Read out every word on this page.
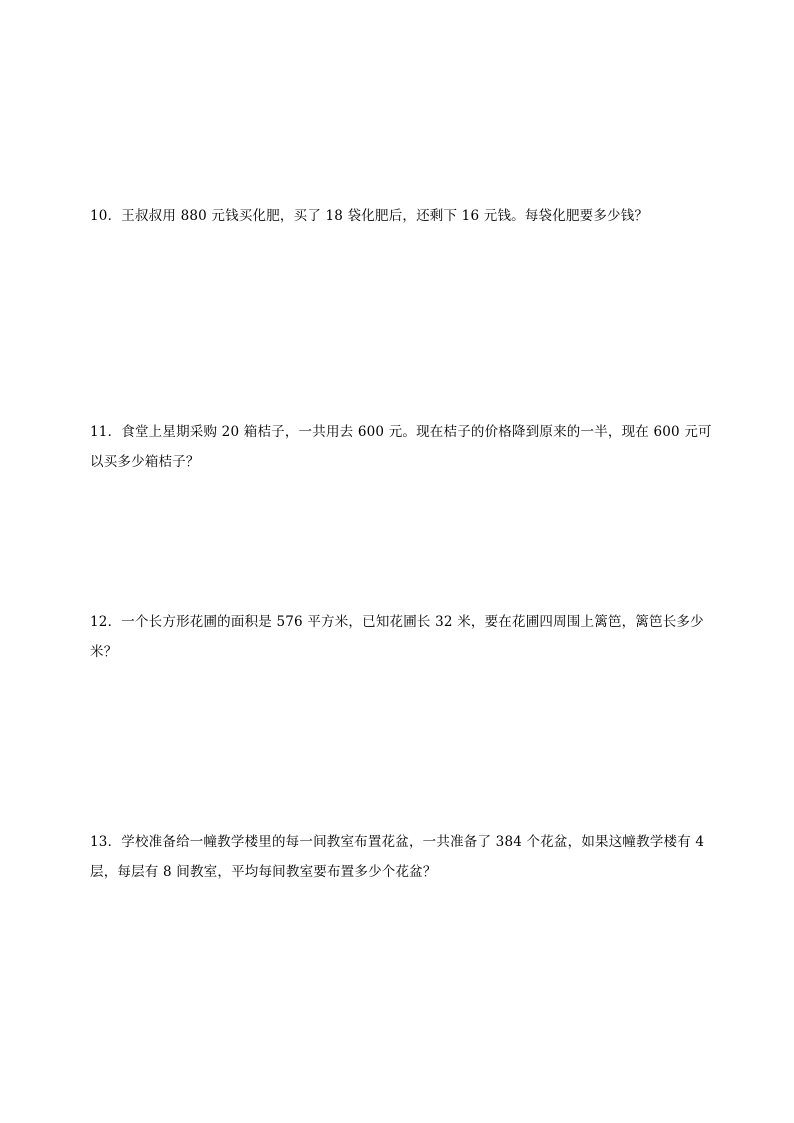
10．王叔叔用 880 元钱买化肥，买了 18 袋化肥后，还剩下 16 元钱。每袋化肥要多少钱？
11．食堂上星期采购 20 箱桔子，一共用去 600 元。现在桔子的价格降到原来的一半，现在 600 元可
以买多少箱桔子？
12．一个长方形花圃的面积是 576 平方米，已知花圃长 32 米，要在花圃四周围上篱笆，篱笆长多少
米？
13．学校准备给一幢教学楼里的每一间教室布置花盆，一共准备了 384 个花盆，如果这幢教学楼有 4
层，每层有 8 间教室，平均每间教室要布置多少个花盆？
